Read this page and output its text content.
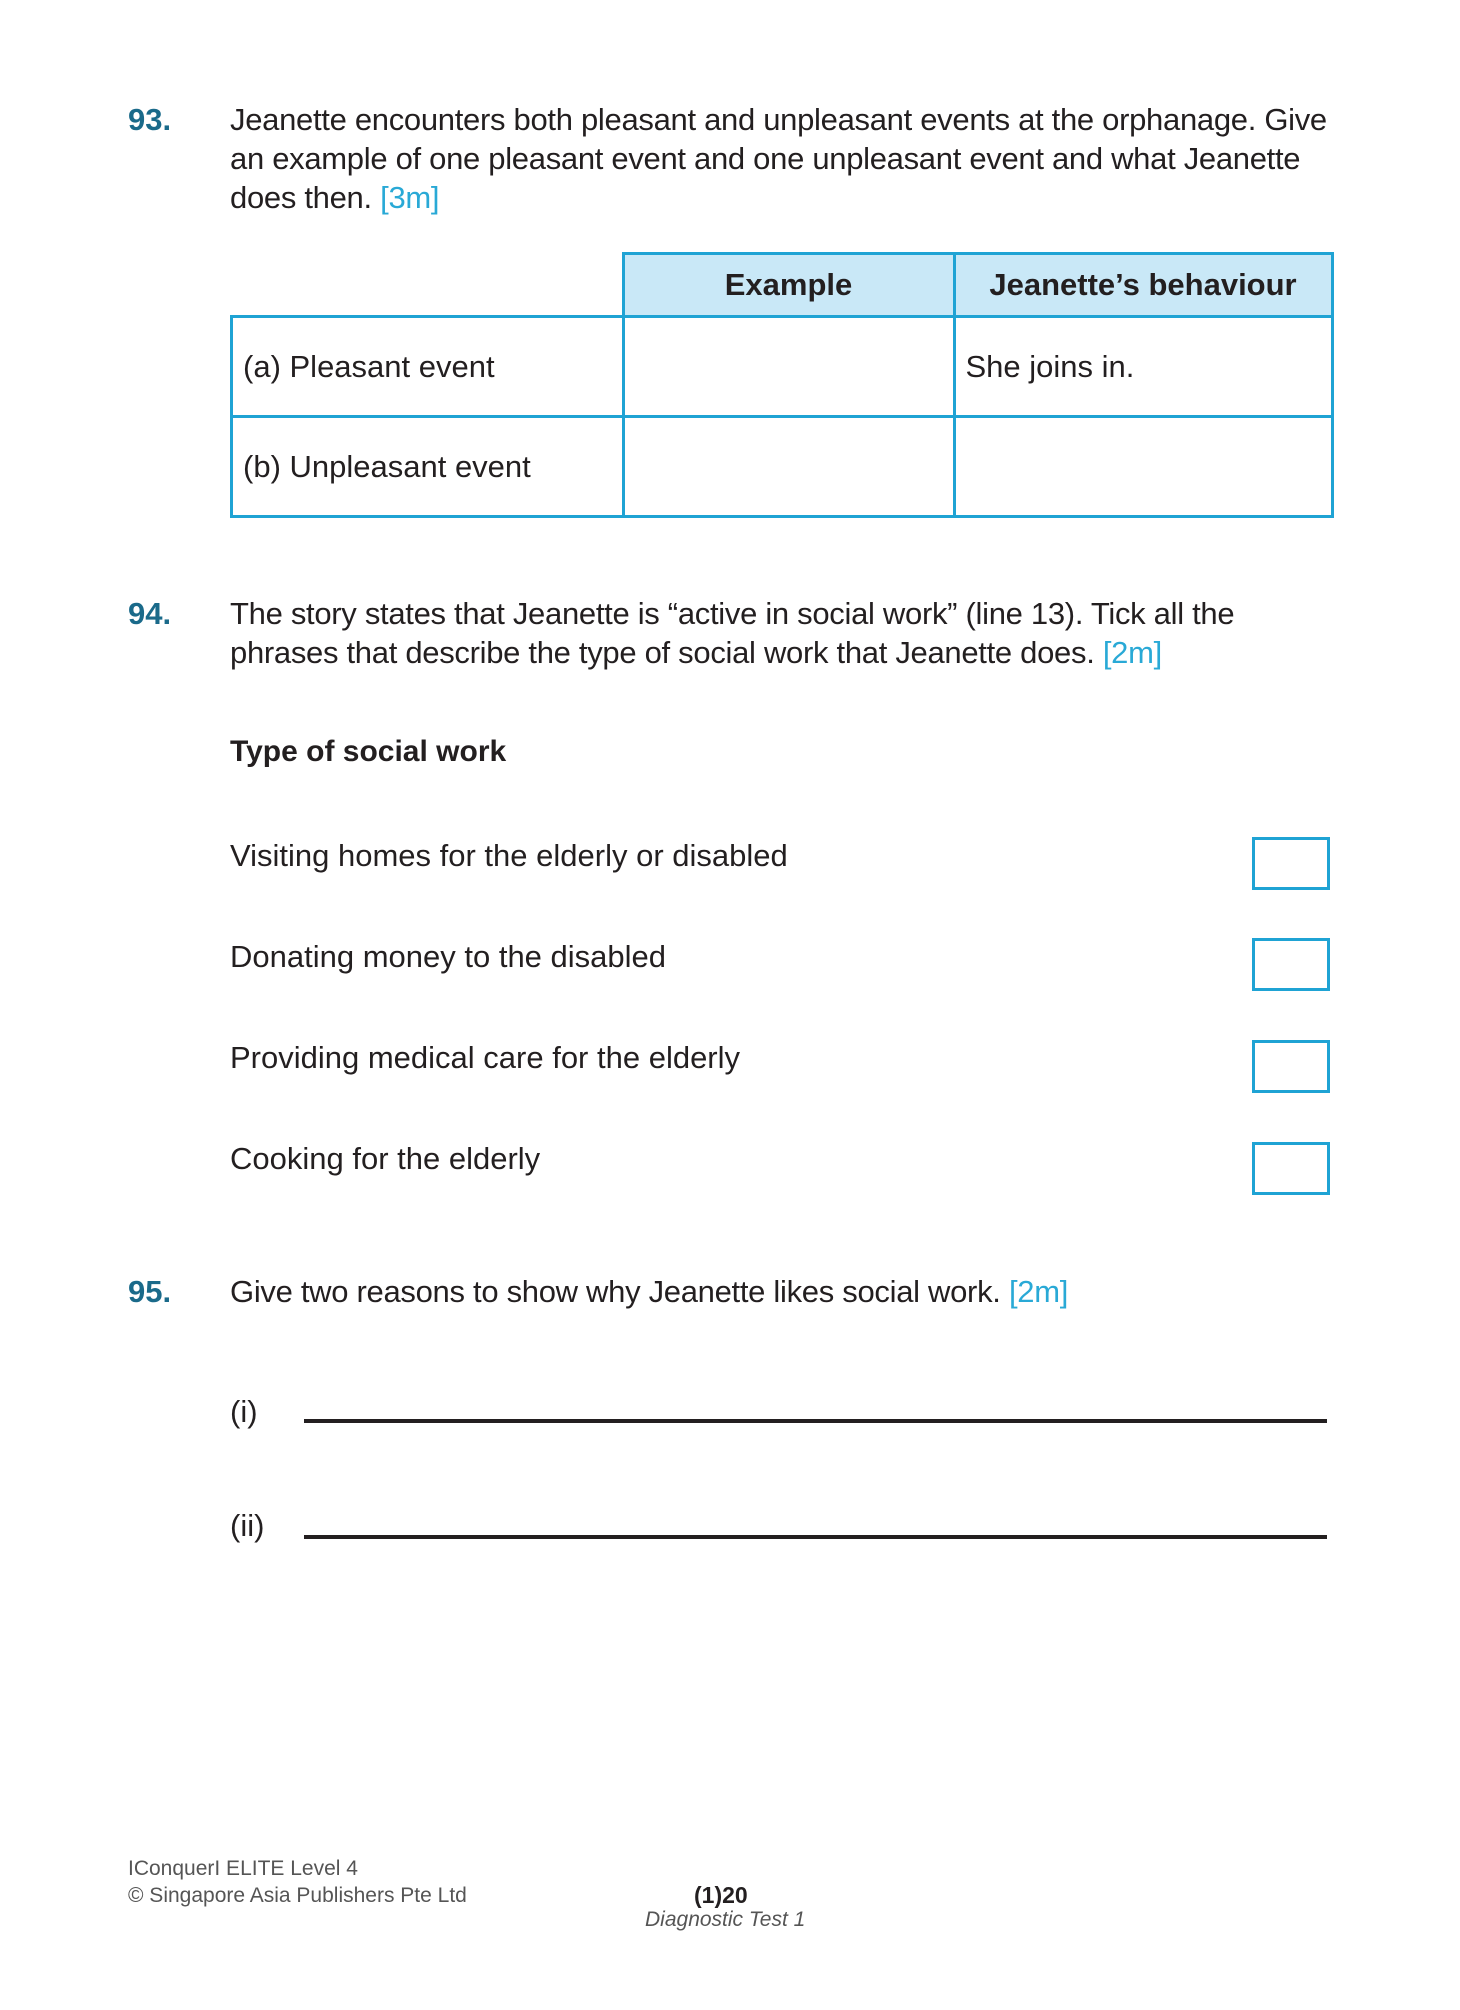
93. Jeanette encounters both pleasant and unpleasant events at the orphanage. Give an example of one pleasant event and one unpleasant event and what Jeanette does then. [3m]
	Example	Jeanette’s behaviour
(a) Pleasant event		She joins in.
(b) Unpleasant event		
94. The story states that Jeanette is “active in social work” (line 13). Tick all the phrases that describe the type of social work that Jeanette does. [2m]
Type of social work
Visiting homes for the elderly or disabled
Donating money to the disabled
Providing medical care for the elderly
Cooking for the elderly
95. Give two reasons to show why Jeanette likes social work. [2m]
(i)
(ii)
IConquerI ELITE Level 4
© Singapore Asia Publishers Pte Ltd	(1)20
Diagnostic Test 1
